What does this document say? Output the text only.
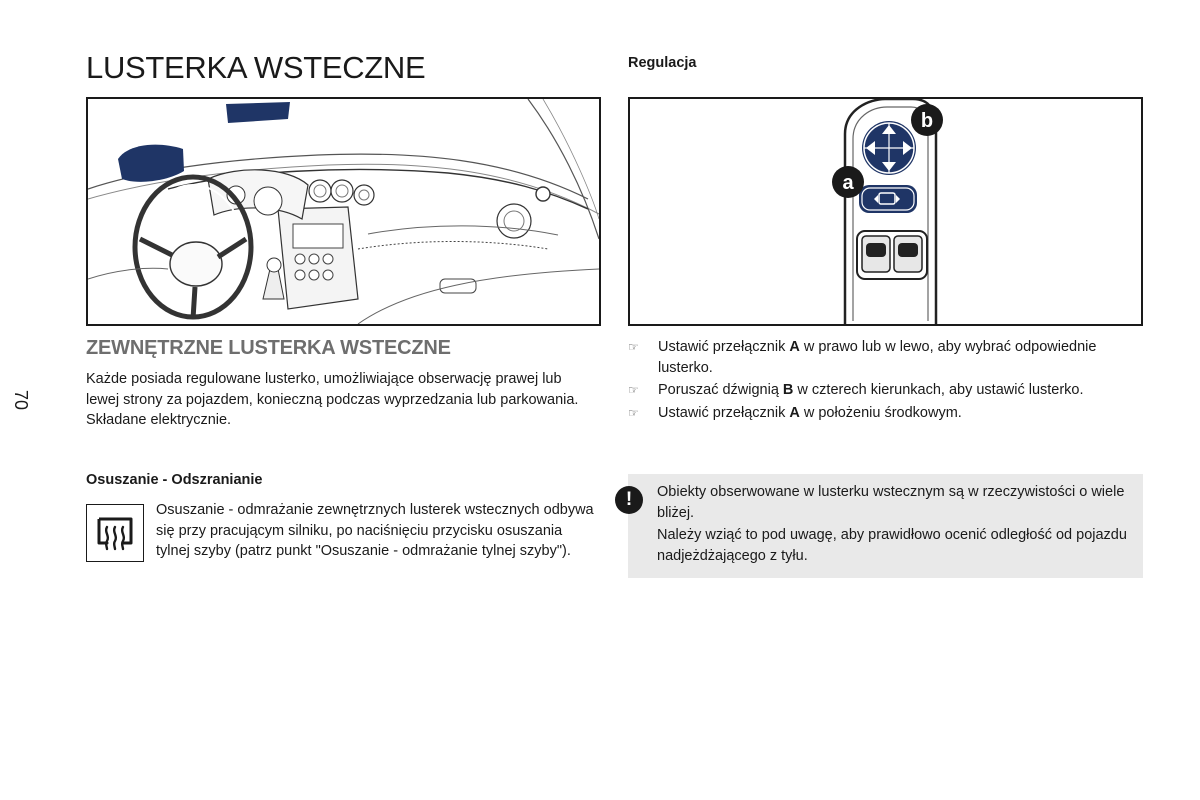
70
LUSTERKA WSTECZNE
a
b
ZEWNĘTRZNE LUSTERKA WSTECZNE

Każde posiada regulowane lusterko, umożliwiające obserwację prawej lub lewej strony za pojazdem, konieczną podczas wyprzedzania lub parkowania. Składane elektrycznie.

Osuszanie - Odszranianie

Osuszanie - odmrażanie zewnętrznych lusterek wstecznych odbywa się przy pracującym silniku, po naciśnięciu przycisku osuszania tylnej szyby (patrz punkt "Osuszanie - odmrażanie tylnej szyby").

Regulacja
☞ Ustawić przełącznik A w prawo lub w lewo, aby wybrać odpowiednie lusterko.
☞ Poruszać dźwignią B w czterech kierunkach, aby ustawić lusterko.
☞ Ustawić przełącznik A w położeniu środkowym.

Obiekty obserwowane w lusterku wstecznym są w rzeczywistości o wiele bliżej.

Należy wziąć to pod uwagę, aby prawidłowo ocenić odległość od pojazdu nadjeżdżającego z tyłu.

!
